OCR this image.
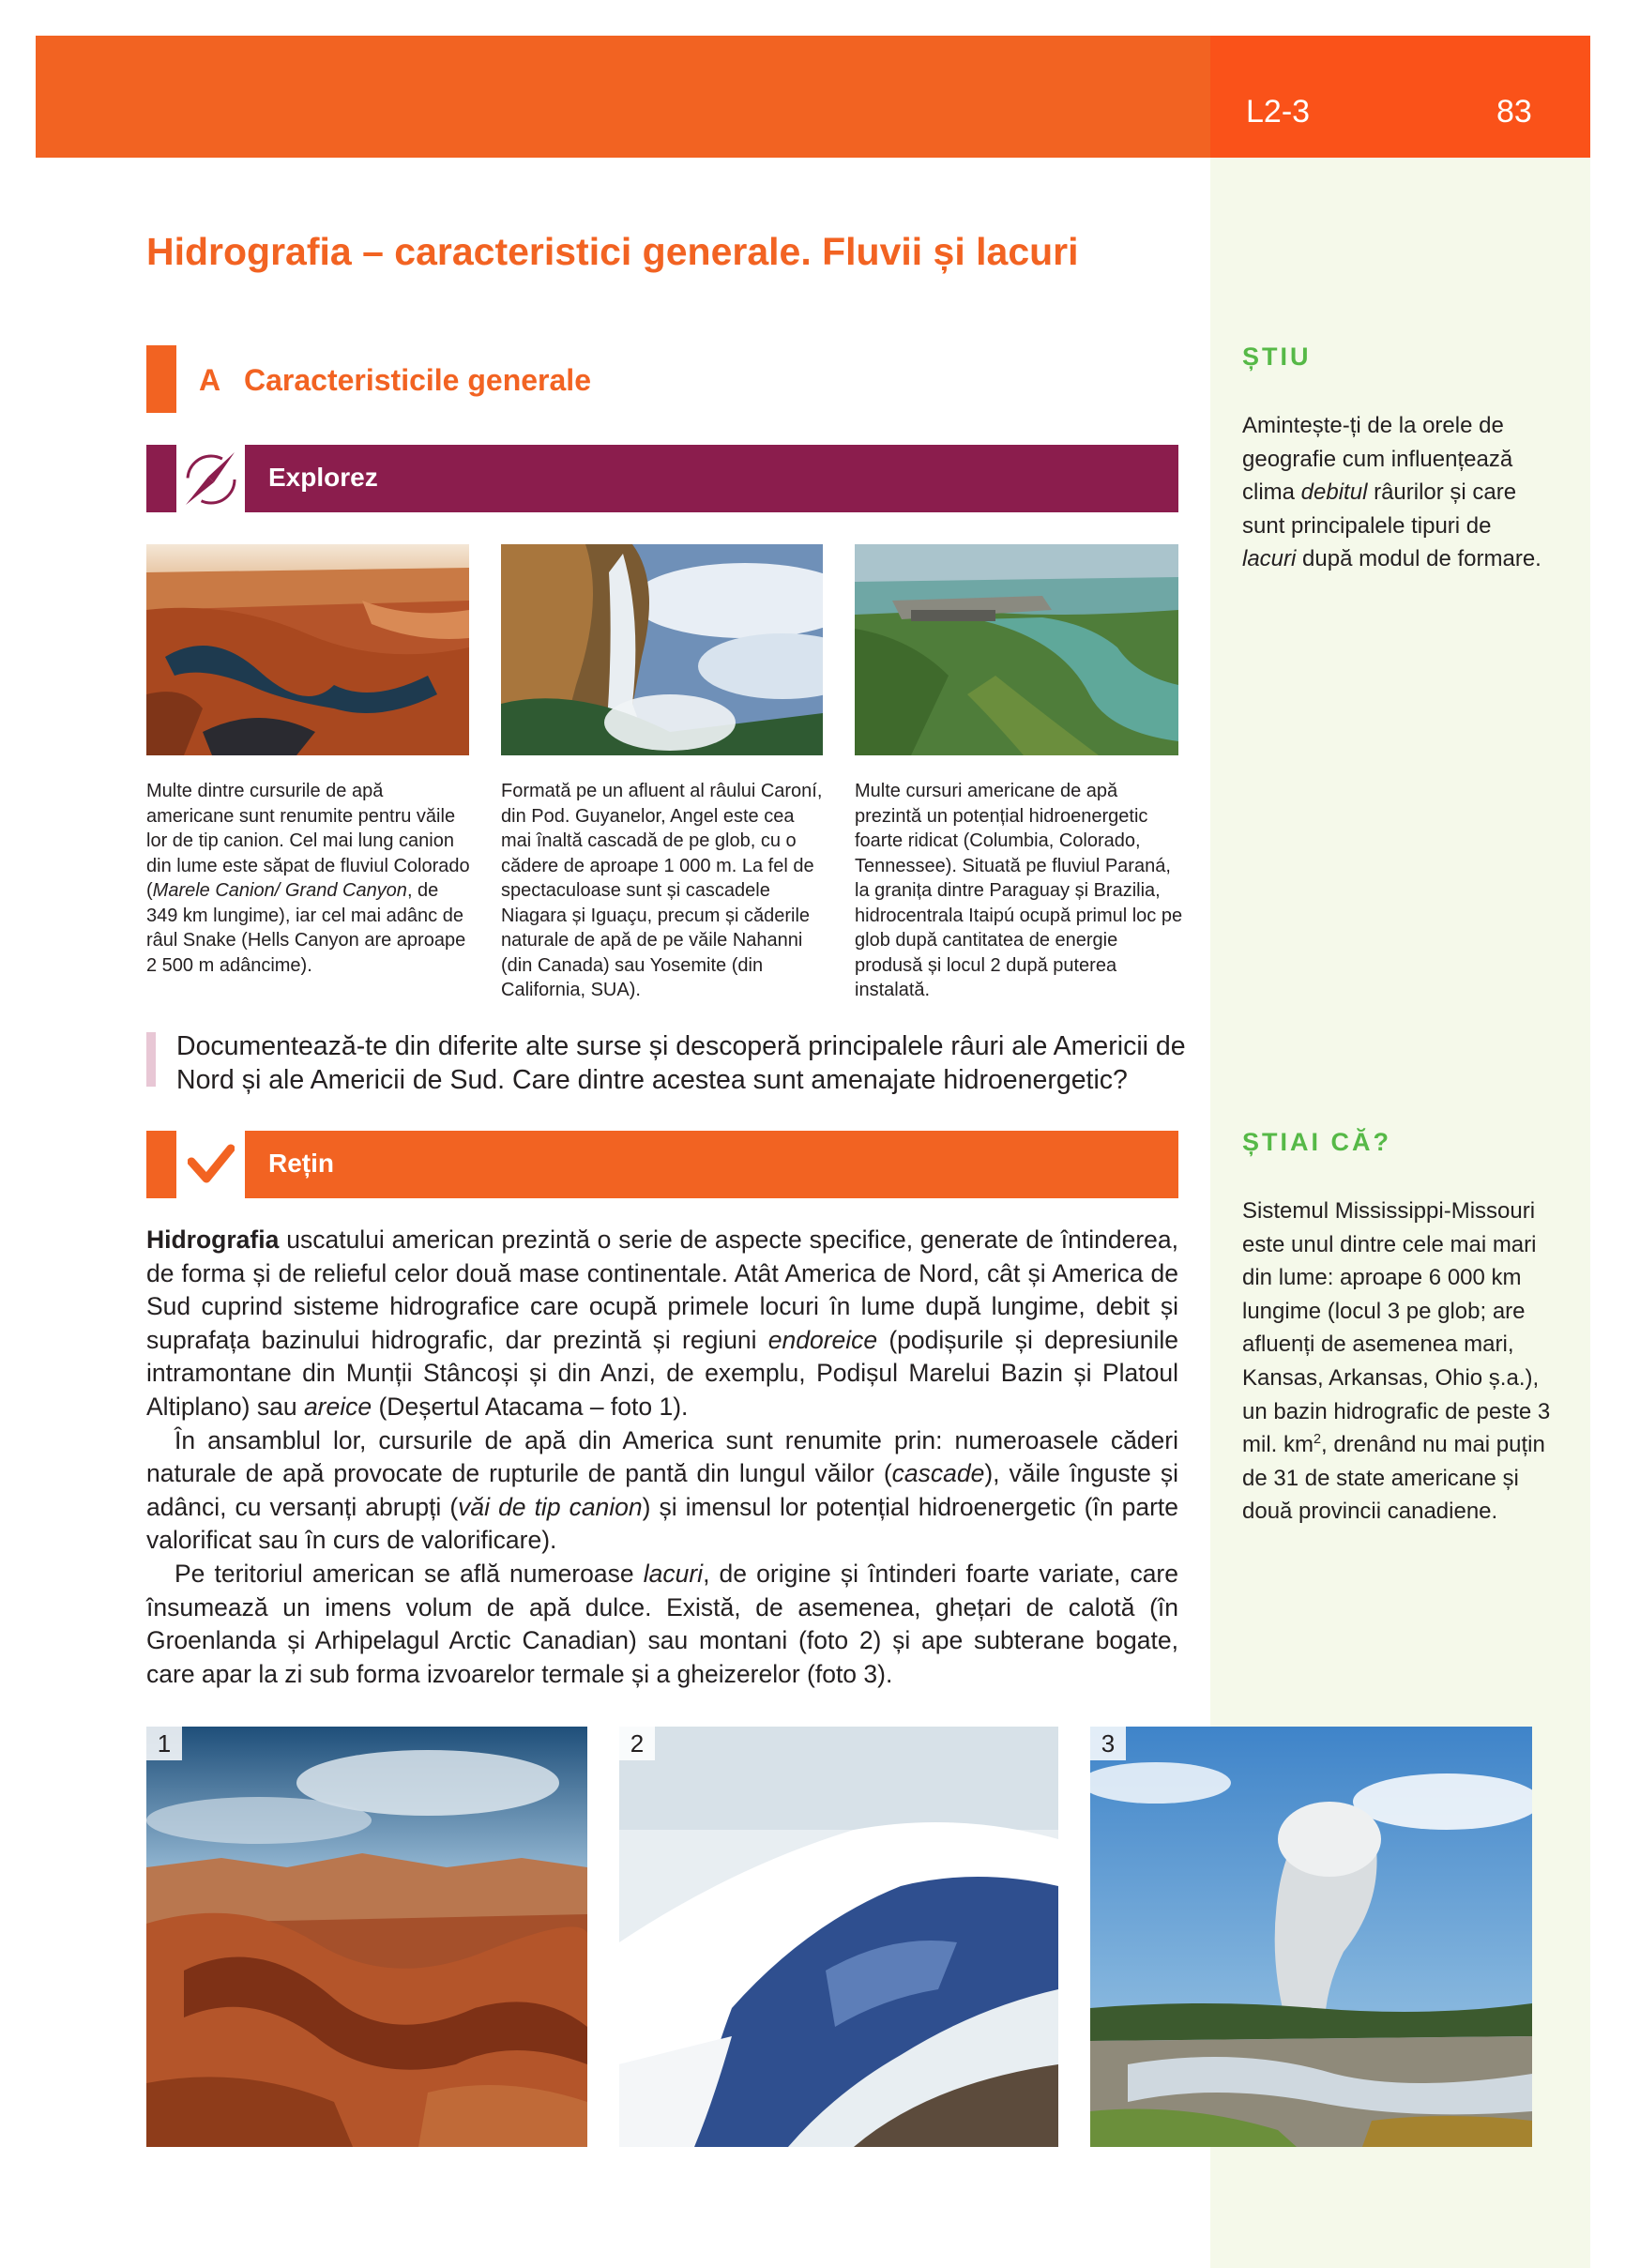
L2-3	83
Hidrografia – caracteristici generale. Fluvii și lacuri
A Caracteristicile generale
Explorez
Multe dintre cursurile de apă americane sunt renumite pentru văile lor de tip canion. Cel mai lung canion din lume este săpat de fluviul Colorado (Marele Canion/ Grand Canyon, de 349 km lungime), iar cel mai adânc de râul Snake (Hells Canyon are aproape 2 500 m adâncime).
Formată pe un afluent al râului Caroní, din Pod. Guyanelor, Angel este cea mai înaltă cascadă de pe glob, cu o cădere de aproape 1 000 m. La fel de spectaculoase sunt și cascadele Niagara și Iguaçu, precum și căderile naturale de apă de pe văile Nahanni (din Canada) sau Yosemite (din California, SUA).
Multe cursuri americane de apă prezintă un potențial hidroenergetic foarte ridicat (Columbia, Colorado, Tennessee). Situată pe fluviul Paraná, la granița dintre Paraguay și Brazilia, hidrocentrala Itaipú ocupă primul loc pe glob după cantitatea de energie produsă și locul 2 după puterea instalată.
Documentează-te din diferite alte surse și descoperă principalele râuri ale Americii de Nord și ale Americii de Sud. Care dintre acestea sunt amenajate hidroenergetic?
Rețin

Hidrografia uscatului american prezintă o serie de aspecte specifice, generate de întinderea, de forma și de relieful celor două mase continentale. Atât America de Nord, cât și America de Sud cuprind sisteme hidrografice care ocupă primele locuri în lume după lungime, debit și suprafața bazinului hidrografic, dar prezintă și regiuni endoreice (podișurile și depresiunile intramontane din Munții Stâncoși și din Anzi, de exemplu, Podișul Marelui Bazin și Platoul Altiplano) sau areice (Deșertul Atacama – foto 1).

În ansamblul lor, cursurile de apă din America sunt renumite prin: numeroasele căderi naturale de apă provocate de rupturile de pantă din lungul văilor (cascade), văile înguste și adânci, cu versanți abrupți (văi de tip canion) și imensul lor potențial hidroenergetic (în parte valorificat sau în curs de valorificare).

Pe teritoriul american se află numeroase lacuri, de origine și întinderi foarte variate, care însumează un imens volum de apă dulce. Există, de asemenea, ghețari de calotă (în Groenlanda și Arhipelagul Arctic Canadian) sau montani (foto 2) și ape subterane bogate, care apar la zi sub forma izvoarelor termale și a gheizerelor (foto 3).

ȘTIU
Amintește-ți de la orele de geografie cum influențează clima debitul râurilor și care sunt principalele tipuri de lacuri după modul de formare.
ȘTIAI CĂ?
Sistemul Mississippi-Missouri este unul dintre cele mai mari din lume: aproape 6 000 km lungime (locul 3 pe glob; are afluenți de asemenea mari, Kansas, Arkansas, Ohio ș.a.), un bazin hidrografic de peste 3 mil. $km^2$, drenând nu mai puțin de 31 de state americane și două provincii canadiene.
1	2	3
